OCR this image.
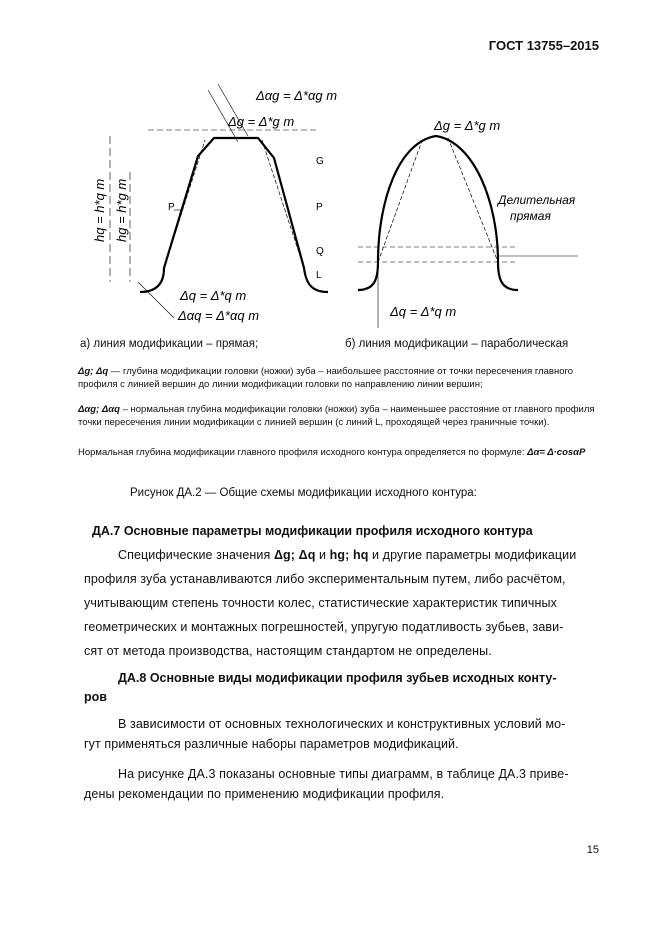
ГОСТ 13755–2015
Δαg = Δ*αg m
Δg = Δ*g m
Δq = Δ*q m
Δαq = Δ*αq m
P
hq = h*q m hg = h*g m
Δg = Δ*g m
Δq = Δ*q m
G
P
Q
L
Делительная
прямая
а) линия модификации – прямая;	б) линия модификации – параболическая
Δg; Δq — глубина модификации головки (ножки) зуба – наибольшее расстояние от точки пересечения главного профиля с линией вершин до линии модификации головки по направлению линии вершин;
Δαg; Δαq – нормальная глубина модификации головки (ножки) зуба – наименьшее расстояние от главного профиля точки пересечения линии модификации с линией вершин (с линий L, проходящей через граничные точки).
Нормальная глубина модификации главного профиля исходного контура определяется по формуле: Δα= Δ·cosαP
Рисунок ДА.2 — Общие схемы модификации исходного контура:
ДА.7 Основные параметры модификации профиля исходного контура
Специфические значения Δg; Δq и hg; hq и другие параметры модификации
профиля зуба устанавливаются либо экспериментальным путем, либо расчётом,
учитывающим степень точности колес, статистические характеристик типичных
геометрических и монтажных погрешностей, упругую податливость зубьев, зави-
сят от метода производства, настоящим стандартом не определены.
ДА.8 Основные виды модификации профиля зубьев исходных конту-
ров
В зависимости от основных технологических и конструктивных условий мо-
гут применяться различные наборы параметров модификаций.
На рисунке ДА.3 показаны основные типы диаграмм, в таблице ДА.3 приве-
дены рекомендации по применению модификации профиля.
15
